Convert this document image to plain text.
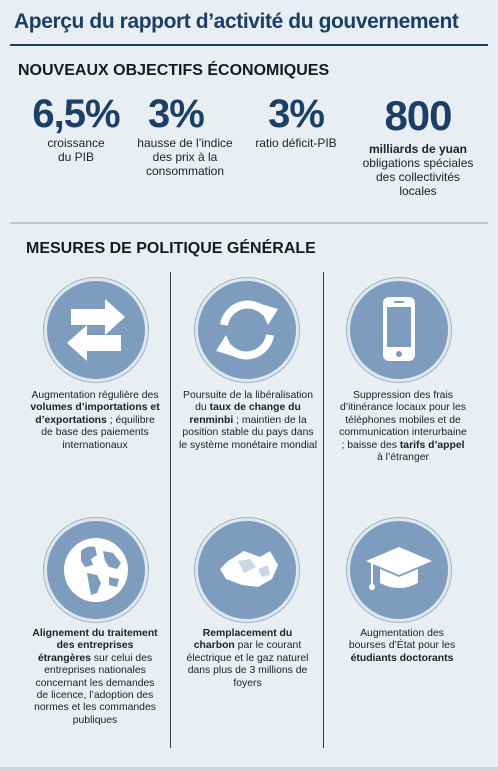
Aperçu du rapport d’activité du gouvernement
NOUVEAUX OBJECTIFS ÉCONOMIQUES
6,5%
croissance du PIB
3%
hausse de l’indice des prix à la consommation
3%
ratio déficit-PIB
800
milliards de yuan
obligations spéciales des collectivités locales
MESURES DE POLITIQUE GÉNÉRALE
Augmentation régulière des volumes d’importations et d’exportations ; équilibre de base des paiements internationaux
Poursuite de la libéralisation du taux de change du renminbi ; maintien de la position stable du pays dans le système monétaire mondial
Suppression des frais d’itinérance locaux pour les téléphones mobiles et de communication interurbaine ; baisse des tarifs d’appel à l’étranger
Alignement du traitement des entreprises étrangères sur celui des entreprises nationales concernant les demandes de licence, l’adoption des normes et les commandes publiques
Remplacement du charbon par le courant électrique et le gaz naturel dans plus de 3 millions de foyers
Augmentation des bourses d’État pour les étudiants doctorants
